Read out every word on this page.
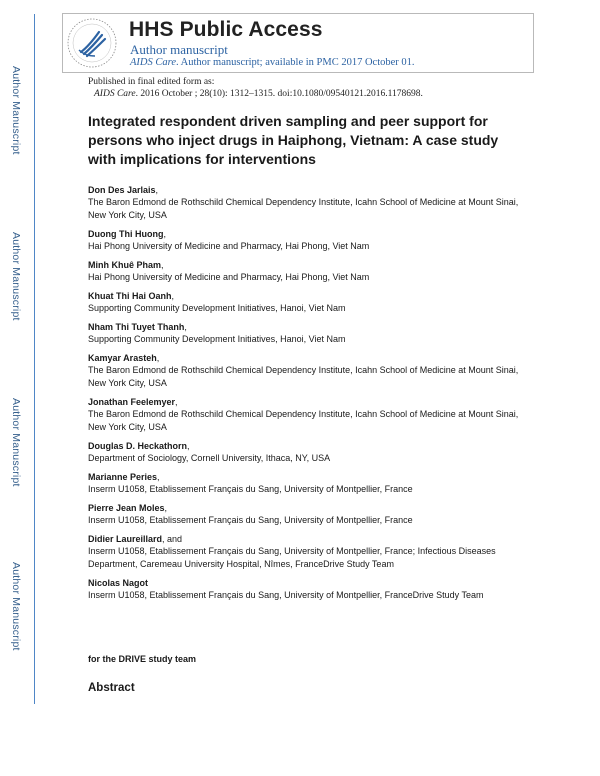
Author Manuscript
Author Manuscript
Author Manuscript
Author Manuscript
HHS Public Access
Author manuscript
AIDS Care. Author manuscript; available in PMC 2017 October 01.
Published in final edited form as:
AIDS Care. 2016 October ; 28(10): 1312–1315. doi:10.1080/09540121.2016.1178698.
Integrated respondent driven sampling and peer support for persons who inject drugs in Haiphong, Vietnam: A case study with implications for interventions
Don Des Jarlais,
The Baron Edmond de Rothschild Chemical Dependency Institute, Icahn School of Medicine at Mount Sinai, New York City, USA
Duong Thi Huong,
Hai Phong University of Medicine and Pharmacy, Hai Phong, Viet Nam
Minh Khuê Pham,
Hai Phong University of Medicine and Pharmacy, Hai Phong, Viet Nam
Khuat Thi Hai Oanh,
Supporting Community Development Initiatives, Hanoi, Viet Nam
Nham Thi Tuyet Thanh,
Supporting Community Development Initiatives, Hanoi, Viet Nam
Kamyar Arasteh,
The Baron Edmond de Rothschild Chemical Dependency Institute, Icahn School of Medicine at Mount Sinai, New York City, USA
Jonathan Feelemyer,
The Baron Edmond de Rothschild Chemical Dependency Institute, Icahn School of Medicine at Mount Sinai, New York City, USA
Douglas D. Heckathorn,
Department of Sociology, Cornell University, Ithaca, NY, USA
Marianne Peries,
Inserm U1058, Etablissement Français du Sang, University of Montpellier, France
Pierre Jean Moles,
Inserm U1058, Etablissement Français du Sang, University of Montpellier, France
Didier Laureillard, and
Inserm U1058, Etablissement Français du Sang, University of Montpellier, France; Infectious Diseases Department, Caremeau University Hospital, Nîmes, FranceDrive Study Team
Nicolas Nagot
Inserm U1058, Etablissement Français du Sang, University of Montpellier, FranceDrive Study Team
for the DRIVE study team
Abstract
